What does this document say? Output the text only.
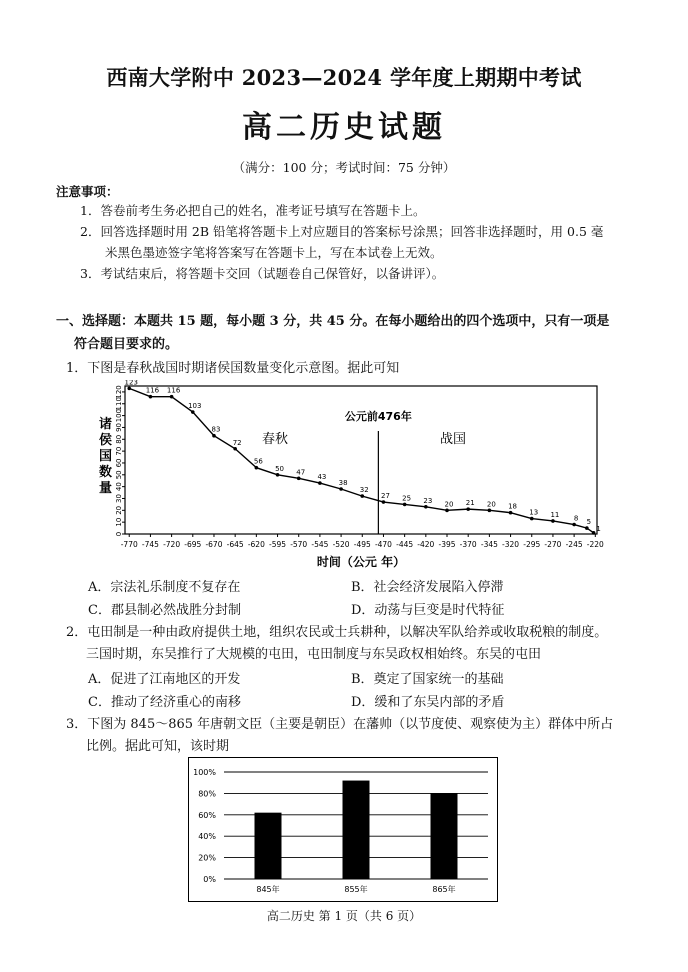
西南大学附中 2023—2024 学年度上期期中考试
高二历史试题
（满分：100 分；考试时间：75 分钟）
注意事项：
1．答卷前考生务必把自己的姓名，准考证号填写在答题卡上。
2．回答选择题时用 2B 铅笔将答题卡上对应题目的答案标号涂黑；回答非选择题时，用 0.5 毫
米黑色墨迹签字笔将答案写在答题卡上，写在本试卷上无效。
3．考试结束后，将答题卡交回（试题卷自己保管好，以备讲评）。
一、选择题：本题共 15 题，每小题 3 分，共 45 分。在每小题给出的四个选项中，只有一项是
符合题目要求的。
1．下图是春秋战国时期诸侯国数量变化示意图。据此可知
0
10
20
30
40
50
60
70
80
90
100
110
120
-770 -745 -720 -695 -670 -645 -620 -595 -570 -545 -520 -495 -470 -445 -420 -395 -370 -345 -320 -295 -270 -245 -220
诸侯国数量
时间（公元 年）
公元前476年
春秋	战国
123
116 116
103
83
72
56
50 47
43
38
32
27 25 23 20 21 20 18
13 11 8 5
1
A．宗法礼乐制度不复存在	B．社会经济发展陷入停滞
C．郡县制必然战胜分封制	D．动荡与巨变是时代特征
2．屯田制是一种由政府提供土地，组织农民或士兵耕种，以解决军队给养或收取税粮的制度。
三国时期，东吴推行了大规模的屯田，屯田制度与东吴政权相始终。东吴的屯田
A．促进了江南地区的开发	B．奠定了国家统一的基础
C．推动了经济重心的南移	D．缓和了东吴内部的矛盾
3．下图为 845～865 年唐朝文臣（主要是朝臣）在藩帅（以节度使、观察使为主）群体中所占
比例。据此可知，该时期
0%
20%
40%
60%
80%
100%
845年	855年	865年
高二历史 第 1 页（共 6 页）
